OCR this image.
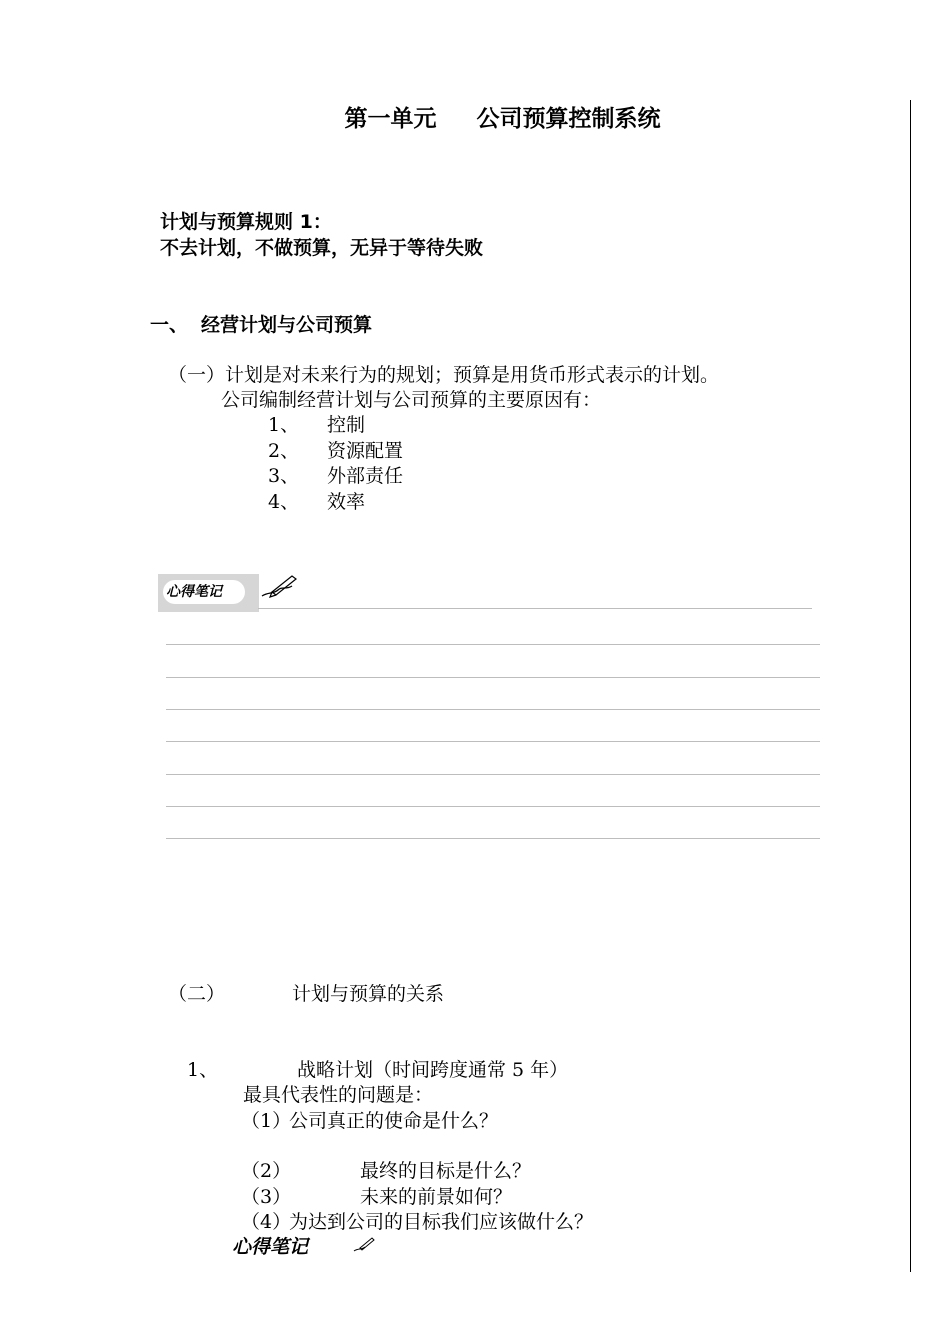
第一单元 公司预算控制系统
计划与预算规则 1：
不去计划，不做预算，无异于等待失败
一、 经营计划与公司预算
（一）计划是对未来行为的规划；预算是用货币形式表示的计划。
公司编制经营计划与公司预算的主要原因有：
1、 控制
2、 资源配置
3、 外部责任
4、 效率
心得笔记
（二）	计划与预算的关系
1、	战略计划（时间跨度通常 5 年）
最具代表性的问题是：
（1）
公司真正的使命是什么？
（2）	最终的目标是什么？
（3）	未来的前景如何？
（4）
为达到公司的目标我们应该做什么？
心得笔记
